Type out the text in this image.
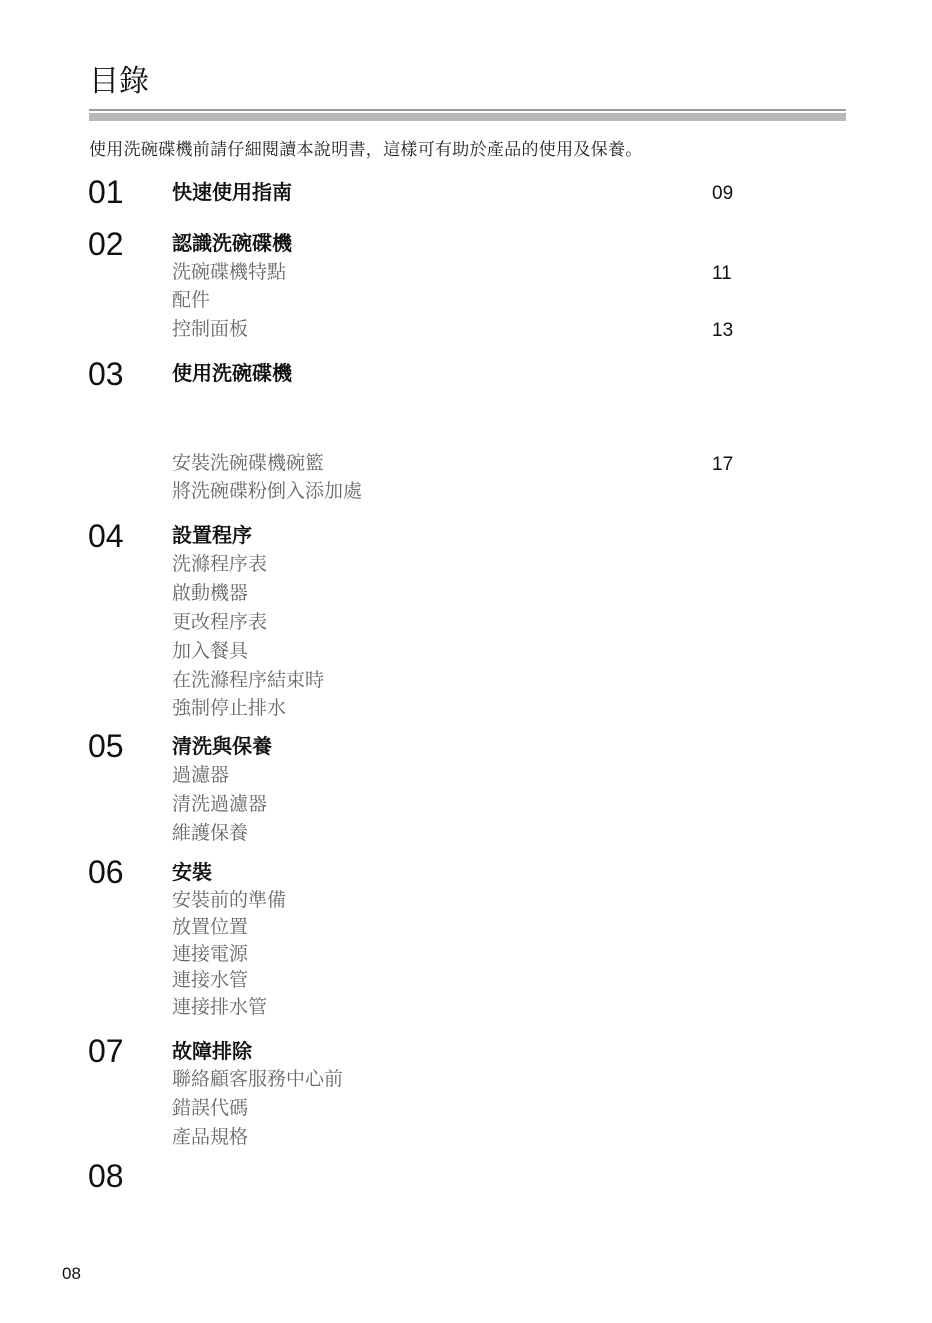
目錄
使用洗碗碟機前請仔細閱讀本說明書，這樣可有助於產品的使用及保養。
01 快速使用指南	09
02 認識洗碗碟機
洗碗碟機特點	11
配件
控制面板	13
03 使用洗碗碟機
安裝洗碗碟機碗籃	17
將洗碗碟粉倒入添加處
04 設置程序
洗滌程序表
啟動機器
更改程序表
加入餐具
在洗滌程序結束時
強制停止排水
05 清洗與保養
過濾器
清洗過濾器
維護保養
06 安裝
安裝前的準備
放置位置
連接電源
連接水管
連接排水管
07 故障排除
聯絡顧客服務中心前
錯誤代碼
產品規格
08
08
